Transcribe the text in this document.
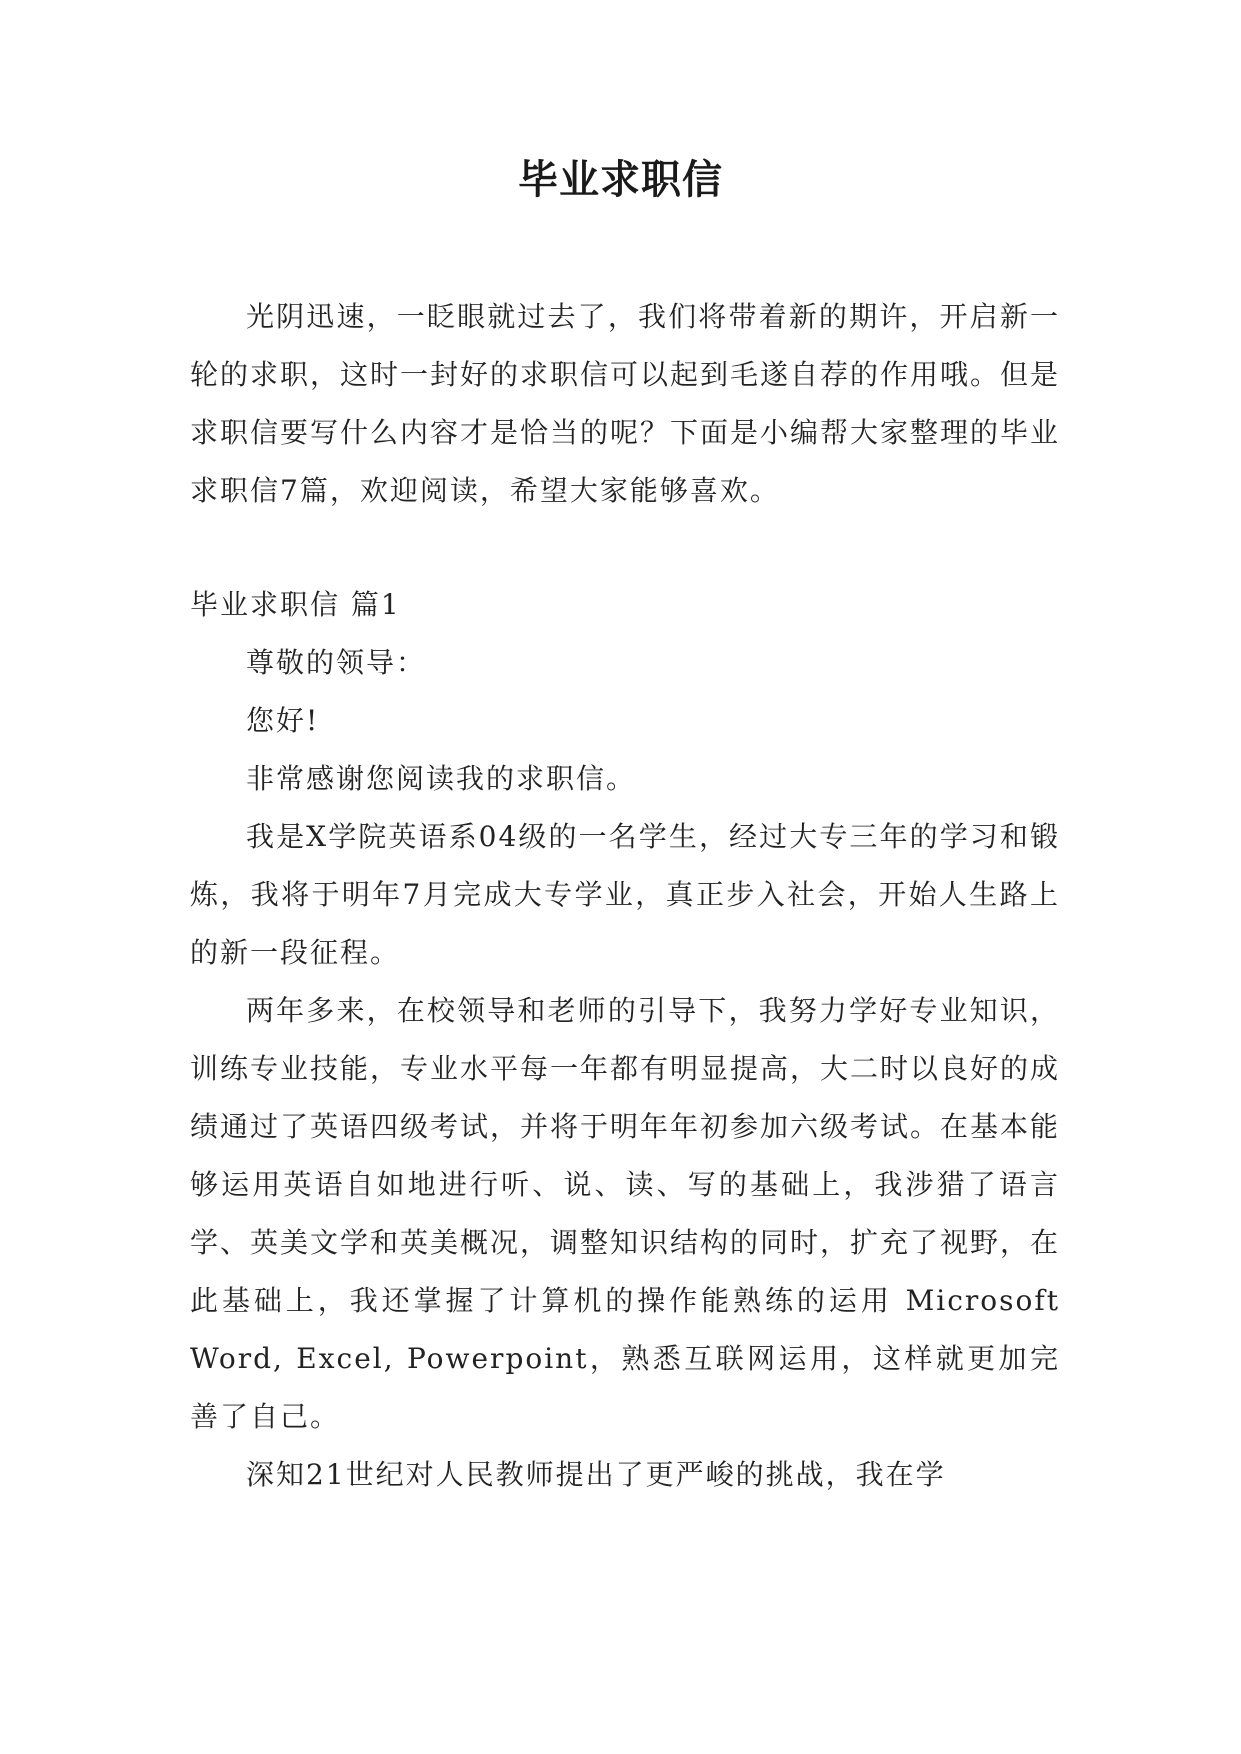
毕业求职信

光阴迅速，一眨眼就过去了，我们将带着新的期许，开启新一轮的求职，这时一封好的求职信可以起到毛遂自荐的作用哦。但是求职信要写什么内容才是恰当的呢？下面是小编帮大家整理的毕业求职信7篇，欢迎阅读，希望大家能够喜欢。

毕业求职信 篇1

尊敬的领导：

您好!

非常感谢您阅读我的求职信。

我是X学院英语系04级的一名学生，经过大专三年的学习和锻炼，我将于明年7月完成大专学业，真正步入社会，开始人生路上的新一段征程。

两年多来，在校领导和老师的引导下，我努力学好专业知识，训练专业技能，专业水平每一年都有明显提高，大二时以良好的成绩通过了英语四级考试，并将于明年年初参加六级考试。在基本能够运用英语自如地进行听、说、读、写的基础上，我涉猎了语言学、英美文学和英美概况，调整知识结构的同时，扩充了视野，在此基础上，我还掌握了计算机的操作能熟练的运用 Microsoft Word, Excel, Powerpoint，熟悉互联网运用，这样就更加完善了自己。

深知21世纪对人民教师提出了更严峻的挑战，我在学
